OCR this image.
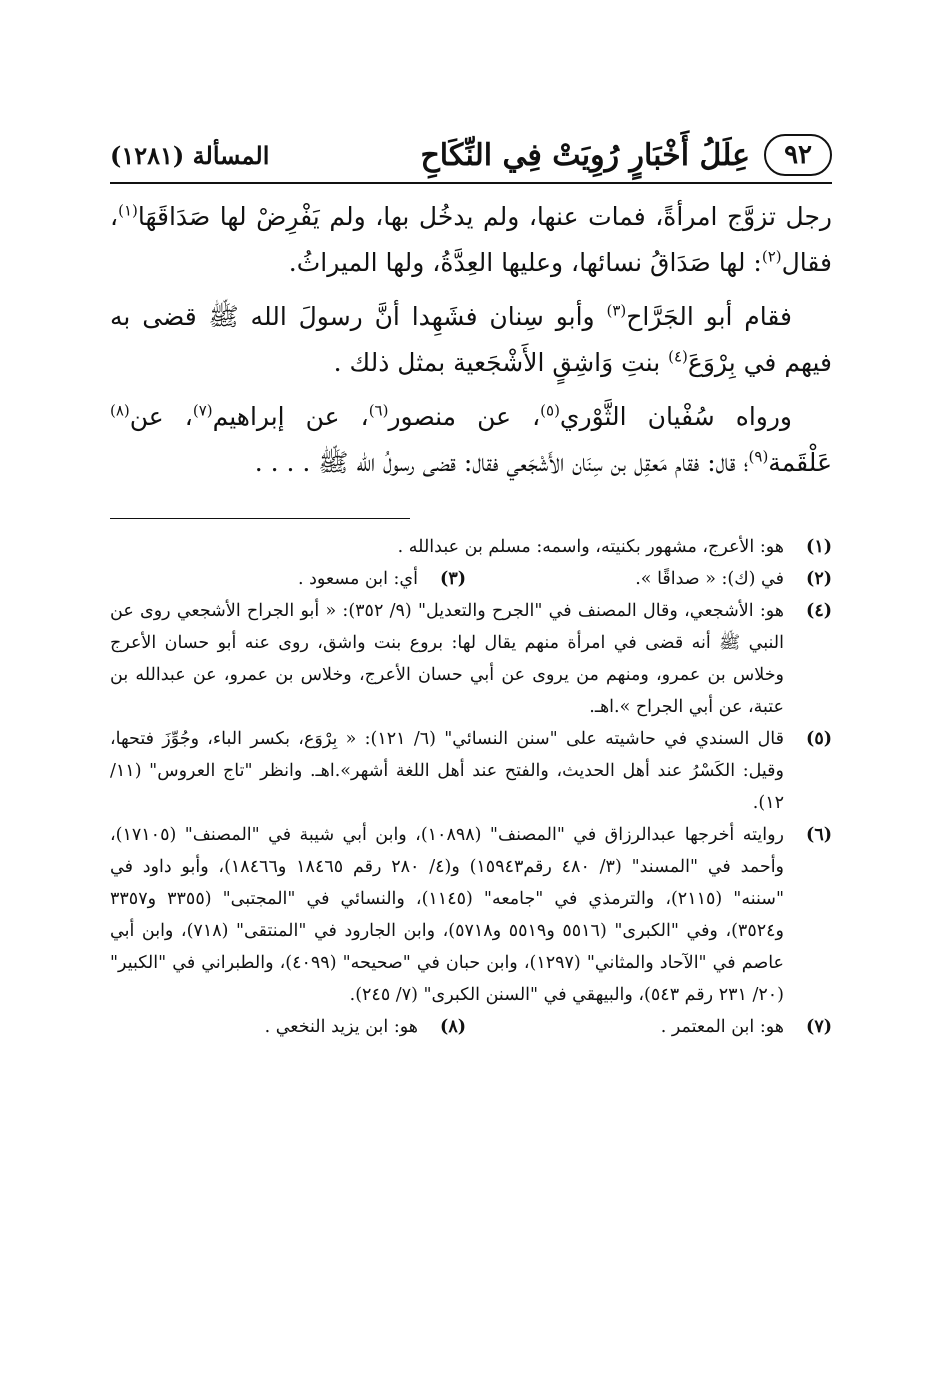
٩٢
عِلَلُ أَخْبَارٍ رُوِيَتْ فِي النِّكَاحِ
المسألة (١٢٨١)

رجل تزوَّج امرأةً، فمات عنها، ولم يدخُل بها، ولم يَفْرِضْ لها صَدَاقَهَا$^{(١)}$، فقال$^{(٢)}$: لها صَدَاقُ نسائها، وعليها العِدَّةُ، ولها الميراثُ.

فقام أبو الجَرَّاح$^{(٣)}$ وأبو سِنان فشَهِدا أنَّ رسولَ الله ﷺ قضى به فيهم في بِرْوَعَ$^{(٤)}$ بنتِ وَاشِقٍ الأَشْجَعية بمثل ذلك .

ورواه سُفْيان الثَّوْري$^{(٥)}$، عن منصور$^{(٦)}$، عن إبراهيم$^{(٧)}$، عن$^{(٨)}$ عَلْقَمة$^{(٩)}$؛ قال: فقام مَعقِل بن سِنَان الأَشْجَعي فقال: قضى رسولُ الله ﷺ . . . .

(١)
هو: الأعرج، مشهور بكنيته، واسمه: مسلم بن عبدالله .
(٢)
في (ك): « صداقًا ».
(٣)
أي: ابن مسعود .
(٤)
هو: الأشجعي، وقال المصنف في "الجرح والتعديل" (٩/ ٣٥٢): « أبو الجراح الأشجعي روى عن النبي ﷺ أنه قضى في امرأة منهم يقال لها: بروع بنت واشق، روى عنه أبو حسان الأعرج وخلاس بن عمرو، ومنهم من يروى عن أبي حسان الأعرج، وخلاس بن عمرو، عن عبدالله بن عتبة، عن أبي الجراح ».اهـ.
(٥)
قال السندي في حاشيته على "سنن النسائي" (٦/ ١٢١): « بِرْوَع، بكسر الباء، وجُوِّزَ فتحها، وقيل: الكَسْرُ عند أهل الحديث، والفتح عند أهل اللغة أشهر».اهـ. وانظر "تاج العروس" (١١/ ١٢).
(٦)
روايته أخرجها عبدالرزاق في "المصنف" (١٠٨٩٨)، وابن أبي شيبة في "المصنف" (١٧١٠٥)، وأحمد في "المسند" (٣/ ٤٨٠ رقم١٥٩٤٣) و(٤/ ٢٨٠ رقم ١٨٤٦٥ و١٨٤٦٦)، وأبو داود في "سننه" (٢١١٥)، والترمذي في "جامعه" (١١٤٥)، والنسائي في "المجتبى" (٣٣٥٥ و٣٣٥٧ و٣٥٢٤)، وفي "الكبرى" (٥٥١٦ و٥٥١٩ و٥٧١٨)، وابن الجارود في "المنتقى" (٧١٨)، وابن أبي عاصم في "الآحاد والمثاني" (١٢٩٧)، وابن حبان في "صحيحه" (٤٠٩٩)، والطبراني في "الكبير" (٢٠/ ٢٣١ رقم ٥٤٣)، والبيهقي في "السنن الكبرى" (٧/ ٢٤٥).
(٧)
هو: ابن المعتمر .
(٨)
هو: ابن يزيد النخعي .
